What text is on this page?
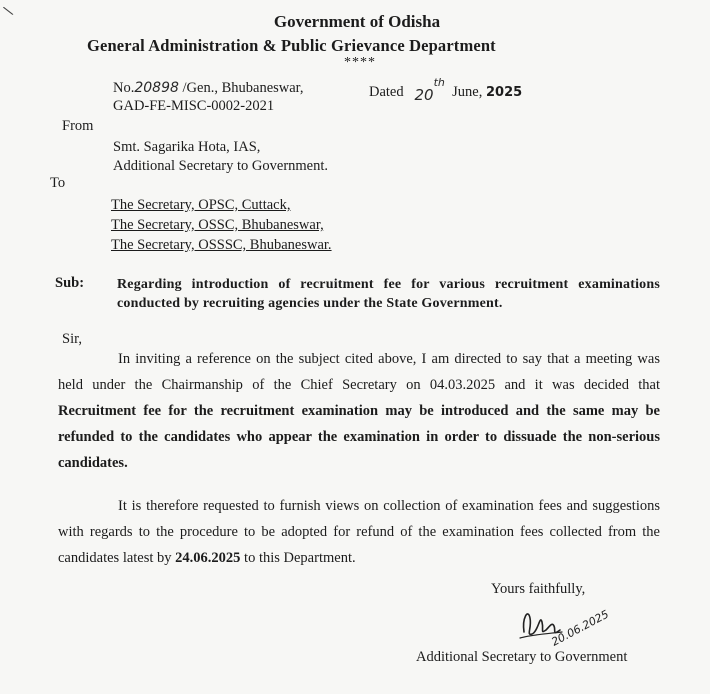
∖	Government of Odisha
General Administration & Public Grievance Department
****
No.20898 /Gen., Bhubaneswar,	Dated 20th  June, 2025
GAD-FE-MISC-0002-2021
From
Smt. Sagarika Hota, IAS,
Additional Secretary to Government.
To
The Secretary, OPSC, Cuttack,
The Secretary, OSSC, Bhubaneswar,
The Secretary, OSSSC, Bhubaneswar.
Sub: Regarding introduction of recruitment fee for various recruitment examinations conducted by recruiting agencies under the State Government.
Sir,
In inviting a reference on the subject cited above, I am directed to say that a meeting was held under the Chairmanship of the Chief Secretary on 04.03.2025 and it was decided that Recruitment fee for the recruitment examination may be introduced and the same may be refunded to the candidates who appear the examination in order to dissuade the non-serious candidates.
It is therefore requested to furnish views on collection of examination fees and suggestions with regards to the procedure to be adopted for refund of the examination fees collected from the candidates latest by 24.06.2025 to this Department.
Yours faithfully,
20.06.2025
Additional Secretary to Government
